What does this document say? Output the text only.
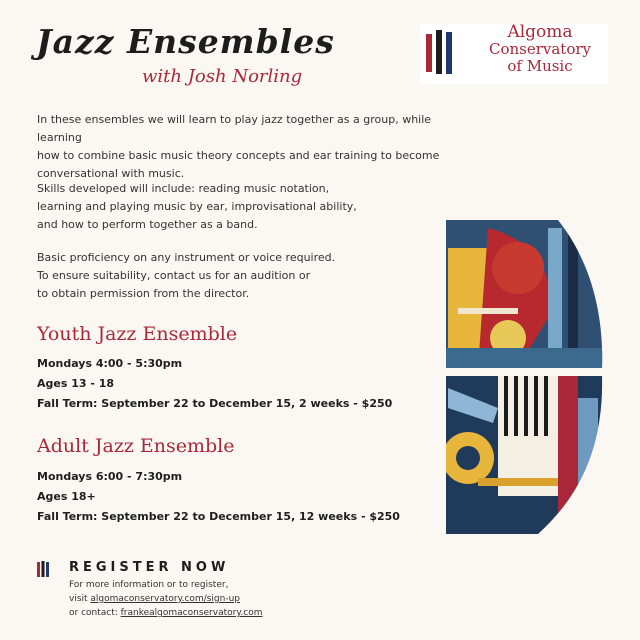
Jazz Ensembles
with Josh Norling
Algoma
Conservatory
of Music
In these ensembles we will learn to play jazz together as a group, while learning
how to combine basic music theory concepts and ear training to become
conversational with music.
Skills developed will include: reading music notation,
learning and playing music by ear, improvisational ability,
and how to perform together as a band.
Basic proficiency on any instrument or voice required.
To ensure suitability, contact us for an audition or
to obtain permission from the director.
Youth Jazz Ensemble
Mondays 4:00 - 5:30pm
Ages 13 - 18
Fall Term: September 22 to December 15, 2 weeks - $250
Adult Jazz Ensemble
Mondays 6:00 - 7:30pm
Ages 18+
Fall Term: September 22 to December 15, 12 weeks - $250
REGISTER NOW
For more information or to register,
visit algomaconservatory.com/sign-up
or contact: frankealgomaconservatory.com
